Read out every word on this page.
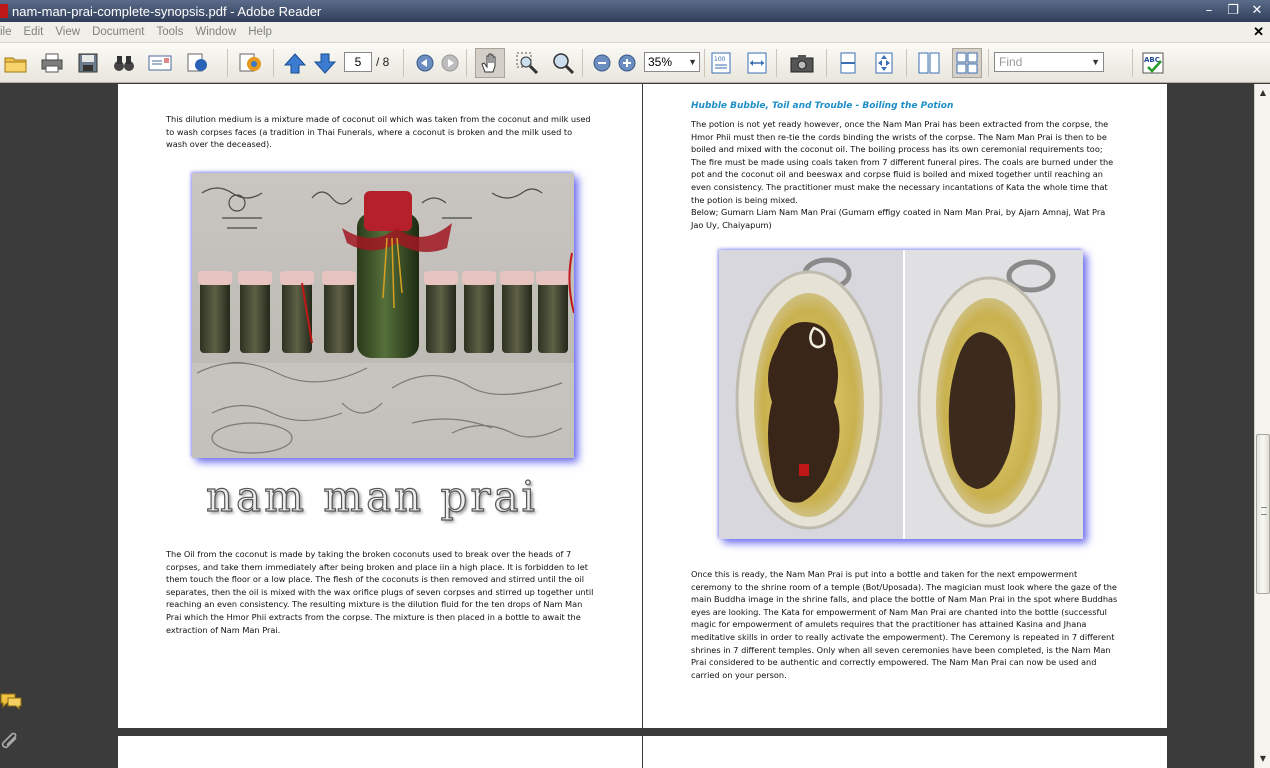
nam-man-prai-complete-synopsis.pdf - Adobe Reader	–	❐ ✕
ile	Edit	View	Document	Tools	Window	Help	✕
5	/ 8	35% ▼	100	Find	▼	ABC
This dilution medium is a mixture made of coconut oil which was taken from the coconut and milk used to wash corpses faces (a tradition in Thai Funerals, where a coconut is broken and the milk used to wash over the deceased).
nam man prai
The Oil from the coconut is made by taking the broken coconuts used to break over the heads of 7 corpses, and take them immediately after being broken and place iin a high place. It is forbidden to let them touch the floor or a low place. The flesh of the coconuts is then removed and stirred until the oil separates, then the oil is mixed with the wax orifice plugs of seven corpses and stirred up together until reaching an even consistency. The resulting mixture is the dilution fluid for the ten drops of Nam Man Prai which the Hmor Phii extracts from the corpse. The mixture is then placed in a bottle to await the extraction of Nam Man Prai.
Hubble Bubble, Toil and Trouble - Boiling the Potion
The potion is not yet ready however, once the Nam Man Prai has been extracted from the corpse, the Hmor Phii must then re-tie the cords binding the wrists of the corpse. The Nam Man Prai is then to be boiled and mixed with the coconut oil. The boiling process has its own ceremonial requirements too; The fire must be made using coals taken from 7 different funeral pires. The coals are burned under the pot and the coconut oil and beeswax and corpse fluid is boiled and mixed together until reaching an even consistency. The practitioner must make the necessary incantations of Kata the whole time that the potion is being mixed.
Below; Gumarn Liam Nam Man Prai (Gumarn effigy coated in Nam Man Prai, by Ajarn Amnaj, Wat Pra Jao Uy, Chaiyapum)
Once this is ready, the Nam Man Prai is put into a bottle and taken for the next empowerment ceremony to the shrine room of a temple (Bot/Uposada). The magician must look where the gaze of the main Buddha image in the shrine falls, and place the bottle of Nam Man Prai in the spot where Buddhas eyes are looking. The Kata for empowerment of Nam Man Prai are chanted into the bottle (successful magic for empowerment of amulets requires that the practitioner has attained Kasina and Jhana meditative skills in order to really activate the empowerment). The Ceremony is repeated in 7 different shrines in 7 different temples. Only when all seven ceremonies have been completed, is the Nam Man Prai considered to be authentic and correctly empowered. The Nam Man Prai can now be used and carried on your person.
▲
▼
